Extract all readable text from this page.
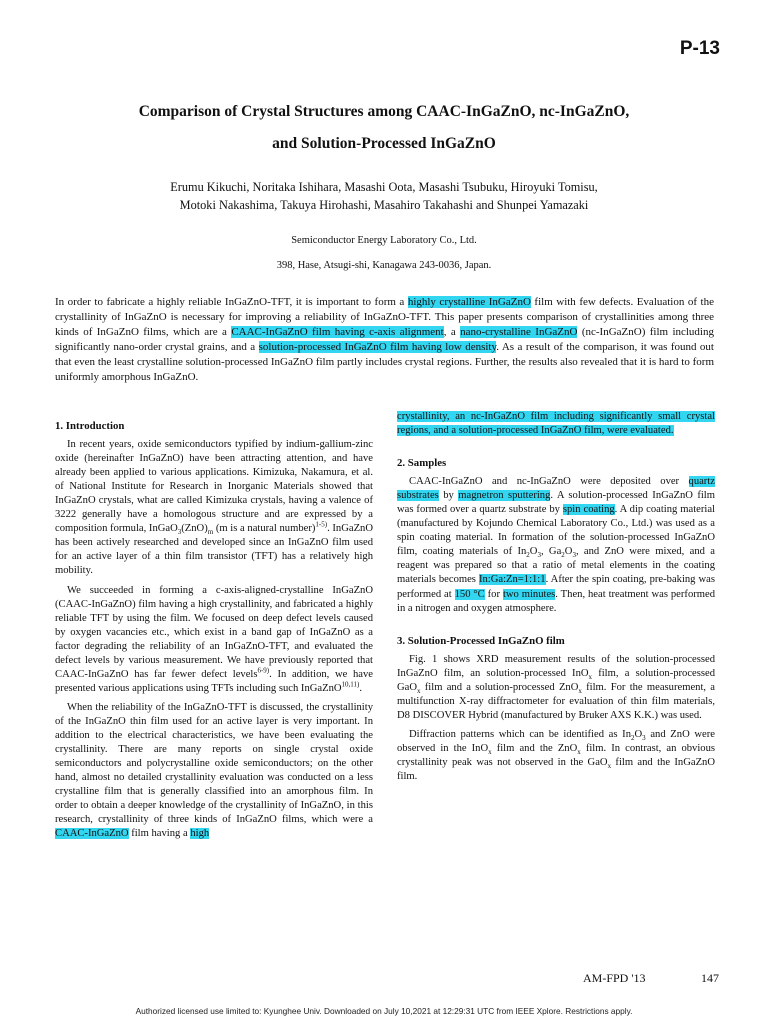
P-13
Comparison of Crystal Structures among CAAC-InGaZnO, nc-InGaZnO,
and Solution-Processed InGaZnO
Erumu Kikuchi, Noritaka Ishihara, Masashi Oota, Masashi Tsubuku, Hiroyuki Tomisu,
Motoki Nakashima, Takuya Hirohashi, Masahiro Takahashi and Shunpei Yamazaki
Semiconductor Energy Laboratory Co., Ltd.
398, Hase, Atsugi-shi, Kanagawa 243-0036, Japan.
In order to fabricate a highly reliable InGaZnO-TFT, it is important to form a highly crystalline InGaZnO film with few defects. Evaluation of the crystallinity of InGaZnO is necessary for improving a reliability of InGaZnO-TFT. This paper presents comparison of crystallinities among three kinds of InGaZnO films, which are a CAAC-InGaZnO film having c-axis alignment, a nano-crystalline InGaZnO (nc-InGaZnO) film including significantly nano-order crystal grains, and a solution-processed InGaZnO film having low density. As a result of the comparison, it was found out that even the least crystalline solution-processed InGaZnO film partly includes crystal regions. Further, the results also revealed that it is hard to form uniformly amorphous InGaZnO.
1. Introduction

In recent years, oxide semiconductors typified by indium-gallium-zinc oxide (hereinafter InGaZnO) have been attracting attention, and have already been applied to various applications. Kimizuka, Nakamura, et al. of National Institute for Research in Inorganic Materials showed that InGaZnO crystals, what are called Kimizuka crystals, having a valence of 3222 generally have a homologous structure and are expressed by a composition formula, $InGaO_3(ZnO)_m$ (m is a natural number)$^{1-5)}$. InGaZnO has been actively researched and developed since an InGaZnO film used for an active layer of a thin film transistor (TFT) has a relatively high mobility.

We succeeded in forming a c-axis-aligned-crystalline InGaZnO (CAAC-InGaZnO) film having a high crystallinity, and fabricated a highly reliable TFT by using the film. We focused on deep defect levels caused by oxygen vacancies etc., which exist in a band gap of InGaZnO as a factor degrading the reliability of an InGaZnO-TFT, and evaluated the defect levels by various measurement. We have previously reported that CAAC-InGaZnO has far fewer defect levels$^{6-9)}$. In addition, we have presented various applications using TFTs including such InGaZnO$^{10,11)}$.

When the reliability of the InGaZnO-TFT is discussed, the crystallinity of the InGaZnO thin film used for an active layer is very important. In addition to the electrical characteristics, we have been evaluating the crystallinity. There are many reports on single crystal oxide semiconductors and polycrystalline oxide semiconductors; on the other hand, almost no detailed crystallinity evaluation was conducted on a less crystalline film that is generally classified into an amorphous film. In order to obtain a deeper knowledge of the crystallinity of InGaZnO, in this research, crystallinity of three kinds of InGaZnO films, which were a CAAC-InGaZnO film having a high

crystallinity, an nc-InGaZnO film including significantly small crystal regions, and a solution-processed InGaZnO film, were evaluated.

2. Samples

CAAC-InGaZnO and nc-InGaZnO were deposited over quartz substrates by magnetron sputtering. A solution-processed InGaZnO film was formed over a quartz substrate by spin coating. A dip coating material (manufactured by Kojundo Chemical Laboratory Co., Ltd.) was used as a spin coating material. In formation of the solution-processed InGaZnO film, coating materials of $In_2O_3$, $Ga_2O_3$, and ZnO were mixed, and a reagent was prepared so that a ratio of metal elements in the coating materials becomes In:Ga:Zn=1:1:1. After the spin coating, pre-baking was performed at 150 °C for two minutes. Then, heat treatment was performed in a nitrogen and oxygen atmosphere.

3. Solution-Processed InGaZnO film

Fig. 1 shows XRD measurement results of the solution-processed InGaZnO film, an solution-processed InO$_x$ film, a solution-processed GaO$_x$ film and a solution-processed ZnO$_x$ film. For the measurement, a multifunction X-ray diffractometer for evaluation of thin film materials, D8 DISCOVER Hybrid (manufactured by Bruker AXS K.K.) was used.

Diffraction patterns which can be identified as $In_2O_3$ and ZnO were observed in the InO$_x$ film and the ZnO$_x$ film. In contrast, an obvious crystallinity peak was not observed in the GaO$_x$ film and the InGaZnO film.

AM-FPD '13	147
Authorized licensed use limited to: Kyunghee Univ. Downloaded on July 10,2021 at 12:29:31 UTC from IEEE Xplore. Restrictions apply.
